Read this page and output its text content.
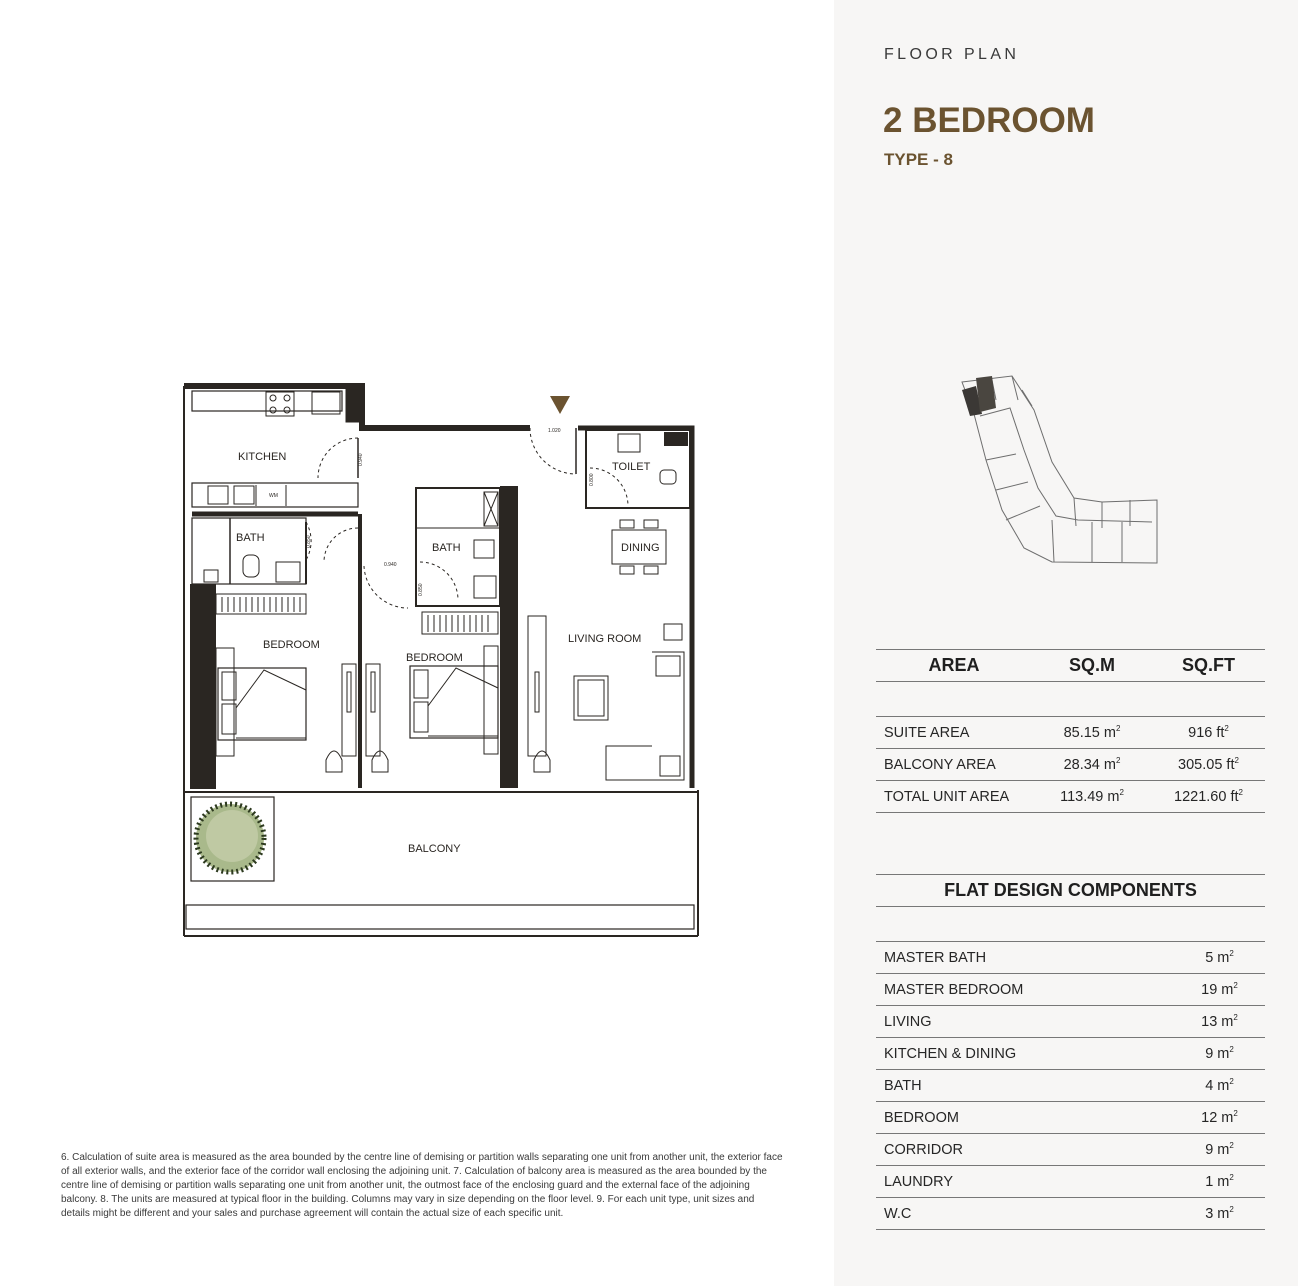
KITCHEN
BATH
BATH
TOILET
DINING
BEDROOM
BEDROOM
LIVING ROOM
BALCONY
WM
1.020
0.940
0.940
0.850	0.940
0.850
0.800

6. Calculation of suite area is measured as the area bounded by the centre line of demising or partition walls separating one unit from another unit, the exterior face of all exterior walls, and the exterior face of the corridor wall enclosing the adjoining unit. 7. Calculation of balcony area is measured as the area bounded by the centre line of demising or partition walls separating one unit from another unit, the outmost face of the enclosing guard and the external face of the adjoining balcony. 8. The units are measured at typical floor in the building. Columns may vary in size depending on the floor level. 9. For each unit type, unit sizes and details might be different and your sales and purchase agreement will contain the actual size of each specific unit.

FLOOR PLAN

2 BEDROOM

TYPE - 8

AREA	SQ.M	SQ.FT
SUITE AREA	85.15 $m^2$	916 $ft^2$
BALCONY AREA	28.34 $m^2$	305.05 $ft^2$
TOTAL UNIT AREA	113.49 $m^2$	1221.60 $ft^2$
FLAT DESIGN COMPONENTS
MASTER BATH	5 $m^2$
MASTER BEDROOM	19 $m^2$
LIVING	13 $m^2$
KITCHEN & DINING	9 $m^2$
BATH	4 $m^2$
BEDROOM	12 $m^2$
CORRIDOR	9 $m^2$
LAUNDRY	1 $m^2$
W.C	3 $m^2$
